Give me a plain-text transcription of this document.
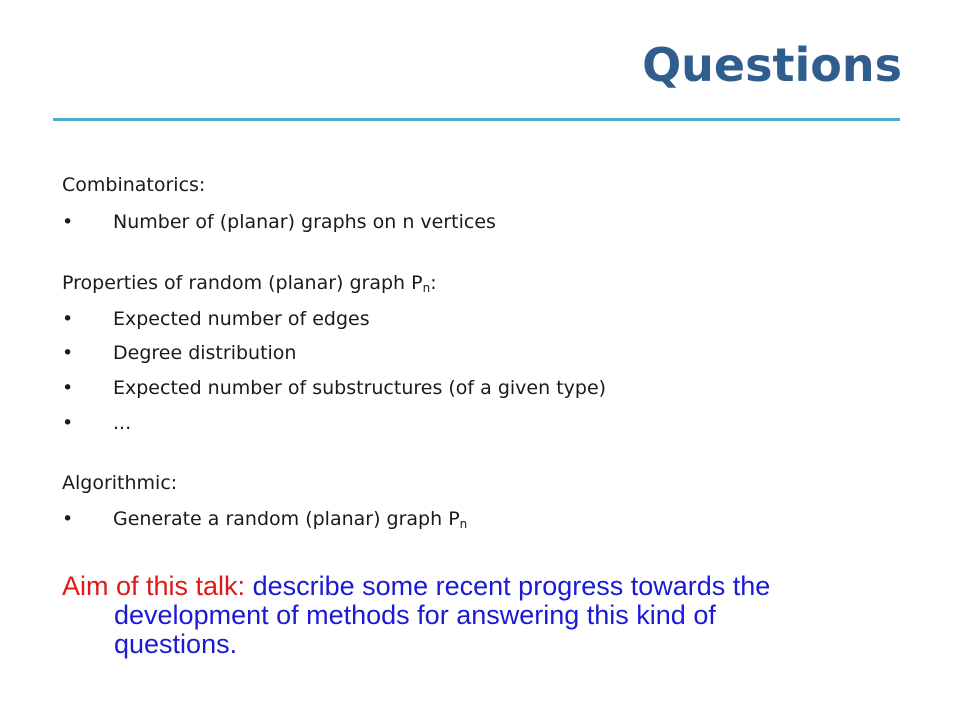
Questions
Combinatorics:
• Number of (planar) graphs on n vertices
Properties of random (planar) graph $P_n$:
• Expected number of edges
• Degree distribution
• Expected number of substructures (of a given type)
• ...
Algorithmic:
• Generate a random (planar) graph $P_n$
Aim of this talk: describe some recent progress towards the
development of methods for answering this kind of
questions.
